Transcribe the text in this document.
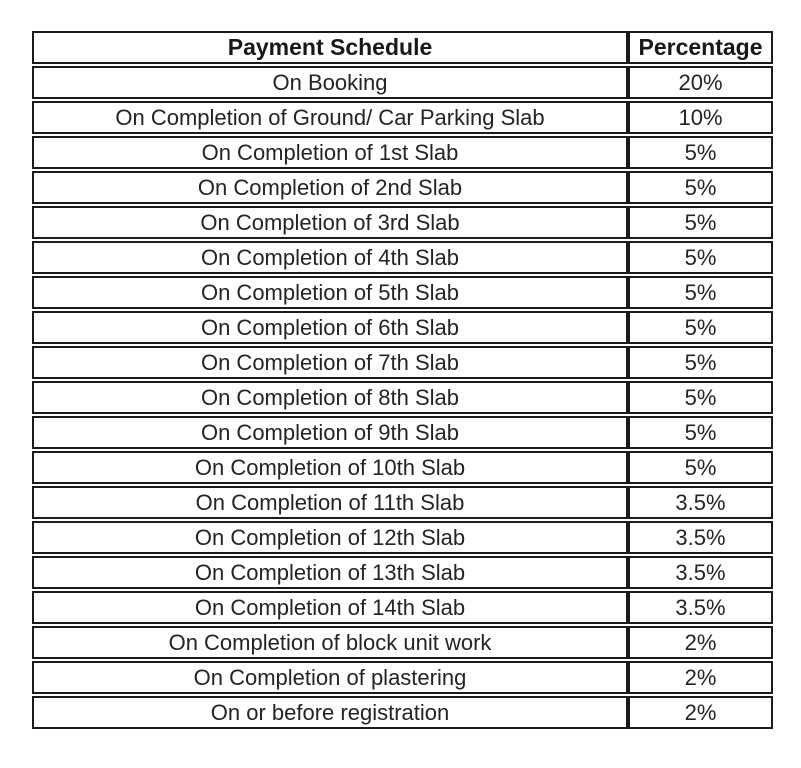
Payment Schedule	Percentage
On Booking	20%
On Completion of Ground/ Car Parking Slab	10%
On Completion of 1st Slab	5%
On Completion of 2nd Slab	5%
On Completion of 3rd Slab	5%
On Completion of 4th Slab	5%
On Completion of 5th Slab	5%
On Completion of 6th Slab	5%
On Completion of 7th Slab	5%
On Completion of 8th Slab	5%
On Completion of 9th Slab	5%
On Completion of 10th Slab	5%
On Completion of 11th Slab	3.5%
On Completion of 12th Slab	3.5%
On Completion of 13th Slab	3.5%
On Completion of 14th Slab	3.5%
On Completion of block unit work	2%
On Completion of plastering	2%
On or before registration	2%
